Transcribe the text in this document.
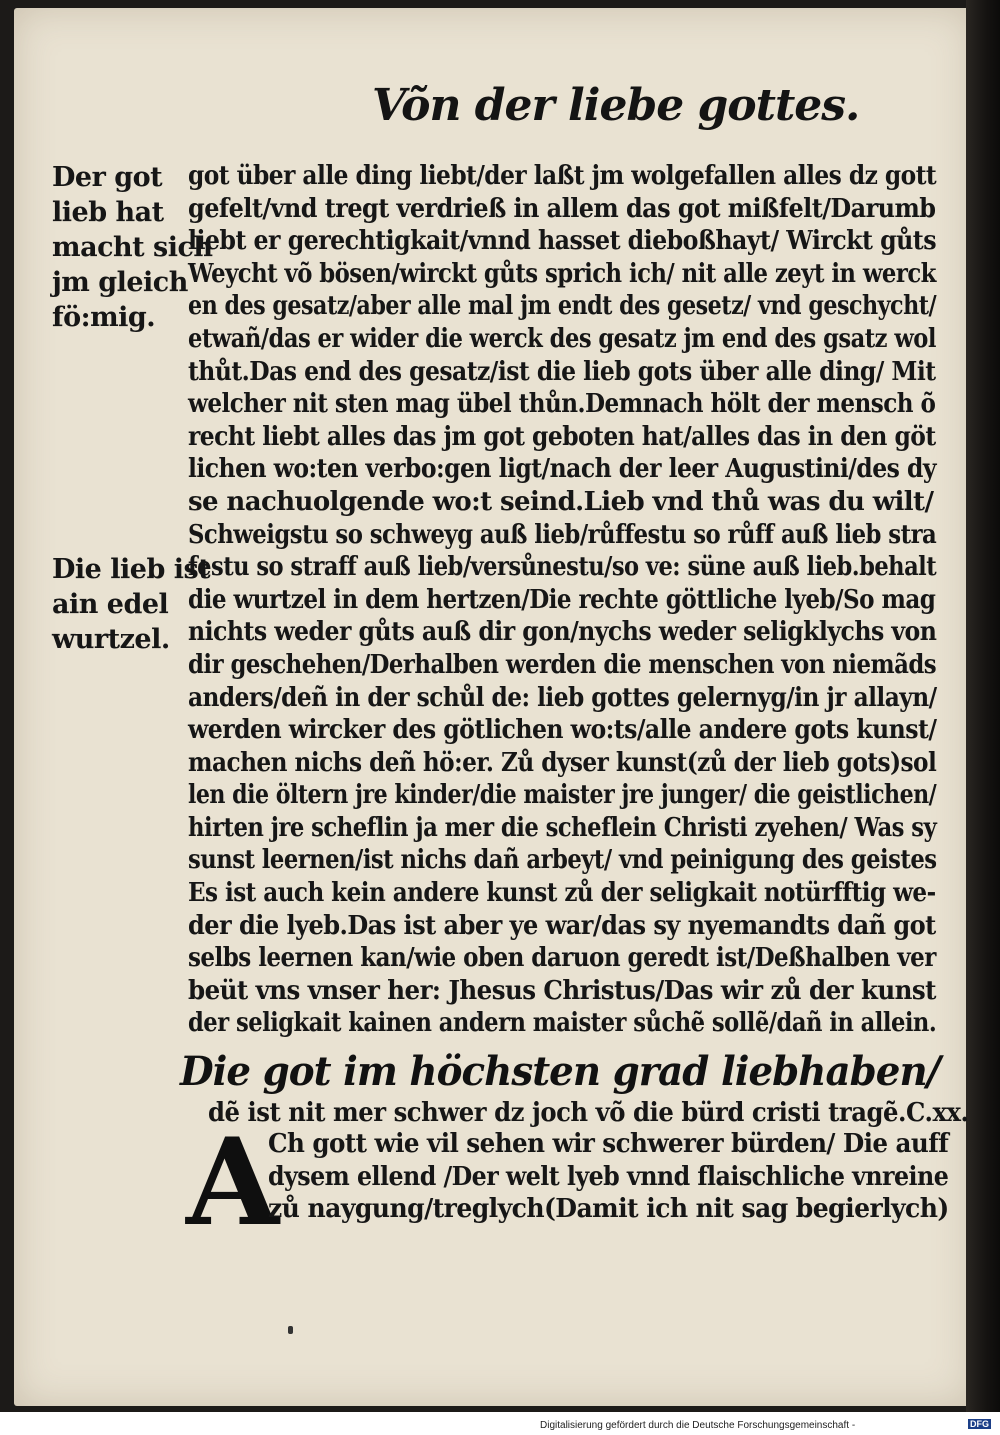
Võn der liebe gottes.
Der got
lieb hat
macht sich
jm gleich
fö:mig.
Die lieb ist
ain edel
wurtzel.
got über alle ding liebt/der laßt jm wolgefallen alles dz gott gefelt/vnd tregt verdrieß in allem das got mißfelt/Darumb liebt er gerechtigkait/vnnd hasset dieboßhayt/ Wirckt gůts Weycht võ bösen/wirckt gůts sprich ich/ nit alle zeyt in werck en des gesatz/aber alle mal jm endt des gesetz/ vnd geschycht/ etwañ/das er wider die werck des gesatz jm end des gsatz wol thůt.Das end des gesatz/ist die lieb gots über alle ding/ Mit welcher nit sten mag übel thůn.Demnach hölt der mensch õ recht liebt alles das jm got geboten hat/alles das in den göt lichen wo:ten verbo:gen ligt/nach der leer Augustini/des dy
se nachuolgende wo:t seind.Lieb vnd thů was du wilt/
Schweigstu so schweyg auß lieb/růffestu so růff auß lieb stra festu so straff auß lieb/versůnestu/so ve: süne auß lieb.behalt die wurtzel in dem hertzen/Die rechte göttliche lyeb/So mag nichts weder gůts auß dir gon/nychs weder seligklychs von dir geschehen/Derhalben werden die menschen von niemãds anders/deñ in der schůl de: lieb gottes gelernyg/in jr allayn/ werden wircker des götlichen wo:ts/alle andere gots kunst/ machen nichs deñ hö:er. Zů dyser kunst(zů der lieb gots)sol len die öltern jre kinder/die maister jre junger/ die geistlichen/ hirten jre scheflin ja mer die scheflein Christi zyehen/ Was sy sunst leernen/ist nichs dañ arbeyt/ vnd peinigung des geistes Es ist auch kein andere kunst zů der seligkait notürfftig we- der die lyeb.Das ist aber ye war/das sy nyemandts dañ got selbs leernen kan/wie oben daruon geredt ist/Deßhalben ver beüt vns vnser her: Jhesus Christus/Das wir zů der kunst der seligkait kainen andern maister sůchẽ sollẽ/dañ in allein.
Die got im höchsten grad liebhaben/
dẽ ist nit mer schwer dz joch võ die bürd cristi tragẽ.C.xx.
A
Ch gott wie vil sehen wir schwerer bürden/ Die auff dysem ellend /Der welt lyeb vnnd flaischliche vnreine zů naygung/treglych(Damit ich nit sag begierlych)
Digitalisierung gefördert durch die Deutsche Forschungsgemeinschaft -	DFG
